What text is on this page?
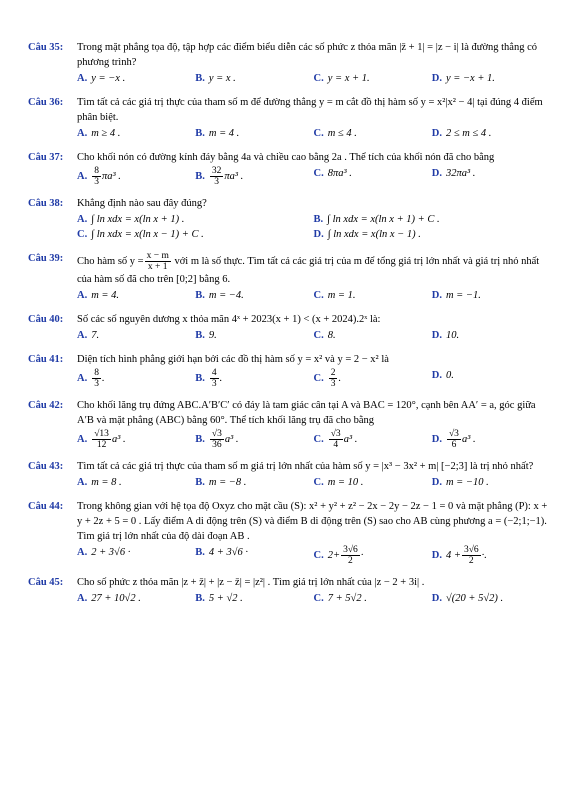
Câu 35:	Trong mặt phẳng tọa độ, tập hợp các điểm biểu diễn các số phức z thỏa mãn |z̄ + 1| = |z − i| là đường thẳng có phương trình?
A. y = −x .	B. y = x .	C. y = x + 1.	D. y = −x + 1.
Câu 36:	Tìm tất cả các giá trị thực của tham số m để đường thẳng y = m cắt đồ thị hàm số y = x²|x² − 4| tại đúng 4 điểm phân biệt.
A. m ≥ 4 .	B. m = 4 .	C. m ≤ 4 .	D. 2 ≤ m ≤ 4 .
Câu 37:	Cho khối nón có đường kính đáy bằng 4a và chiều cao bằng 2a . Thể tích của khối nón đã cho bằng
A. $\frac{8}{3} \pi a^3$ .	B. $\frac{32}{3} \pi a^3$ .	C. 8πa³ .	D. 32πa³ .
Câu 38:	Khẳng định nào sau đây đúng?
A. ∫ ln xdx = x(ln x + 1) .	B. ∫ ln xdx = x(ln x + 1) + C .
C. ∫ ln xdx = x(ln x − 1) + C .	D. ∫ ln xdx = x(ln x − 1) .
Câu 39:	Cho hàm số $y = \frac{x - m}{x + 1}$ với m là số thực. Tìm tất cả các giá trị của m để tổng giá trị lớn nhất và giá trị nhỏ nhất của hàm số đã cho trên [0;2] bằng 6.
A. m = 4.	B. m = −4.	C. m = 1.	D. m = −1.
Câu 40:	Số các số nguyên dương x thỏa mãn 4ˣ + 2023(x + 1) < (x + 2024).2ˣ là:
A. 7.	B. 9.	C. 8.	D. 10.
Câu 41:	Diện tích hình phẳng giới hạn bởi các đồ thị hàm số y = x² và y = 2 − x² là
A. $\frac{8}{3}$ .	B. $\frac{4}{3}$ .	C. $\frac{2}{3}$ .	D. 0.
Câu 42:	Cho khối lăng trụ đứng ABC.A′B′C′ có đáy là tam giác cân tại A và BAC = 120°, cạnh bên AA′ = a, góc giữa A′B và mặt phẳng (ABC) bằng 60°. Thể tích khối lăng trụ đã cho bằng
A. $\frac{√13}{12} a^3$ .	B. $\frac{√3}{36} a^3$ .	C. $\frac{√3}{4} a^3$ .	D. $\frac{√3}{6} a^3$ .
Câu 43:	Tìm tất cả các giá trị thực của tham số m giá trị lớn nhất của hàm số y = |x³ − 3x² + m| [−2;3] là trị nhỏ nhất?
A. m = 8 .	B. m = −8 .	C. m = 10 .	D. m = −10 .
Câu 44:	Trong không gian với hệ tọa độ Oxyz cho mặt cầu (S): x² + y² + z² − 2x − 2y − 2z − 1 = 0 và mặt phẳng (P): x + y + 2z + 5 = 0 . Lấy điểm A di động trên (S) và điểm B di động trên (S) sao cho AB cùng phương a = (−2;1;−1). Tìm giá trị lớn nhất của độ dài đoạn AB .
A. 2 + 3√6 ·	B. 4 + 3√6 ·	C. $2+ \frac{3√6}{2}$ ·	D. $4 + \frac{3√6}{2}$ ·.
Câu 45:	Cho số phức z thỏa mãn |z + z̄| + |z − z̄| = |z²| . Tìm giá trị lớn nhất của |z − 2 + 3i| .
A. 27 + 10√2 .	B. 5 + √2 .	C. 7 + 5√2 .	D. √(20 + 5√2) .
